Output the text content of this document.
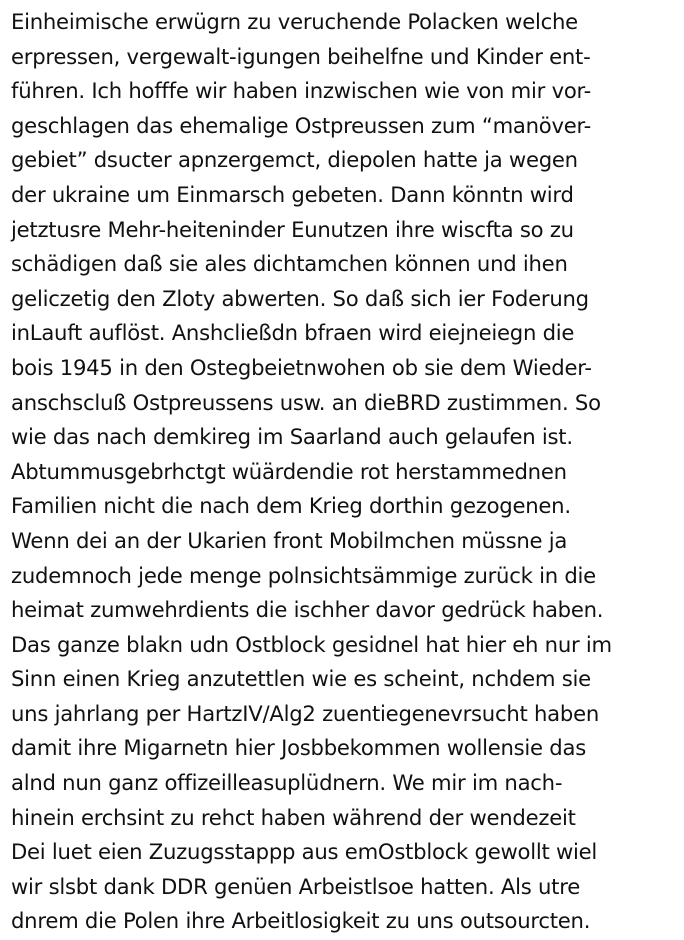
Einheimische erwügrn zu veruchende Polacken welche
erpressen, vergewalt-igungen beihelfne und Kinder ent-
führen. Ich hofffe wir haben inzwischen wie von mir vor-
geschlagen das ehemalige Ostpreussen zum “manöver-
gebiet” dsucter apnzergemct, diepolen hatte ja wegen
der ukraine um Einmarsch gebeten. Dann könntn wird
jetztusre Mehr-heiteninder Eunutzen ihre wiscfta so zu
schädigen daß sie ales dichtamchen können und ihen
geliczetig den Zloty abwerten. So daß sich ier Foderung
inLauft auflöst. Anshcließdn bfraen wird eiejneiegn die
bois 1945 in den Ostegbeietnwohen ob sie dem Wieder-
anschscluß Ostpreussens usw. an dieBRD zustimmen. So
wie das nach demkireg im Saarland auch gelaufen ist.
Abtummusgebrhctgt wüärdendie rot herstammednen
Familien nicht die nach dem Krieg dorthin gezogenen.
Wenn dei an der Ukarien front Mobilmchen müssne ja
zudemnoch jede menge polnsichtsämmige zurück in die
heimat zumwehrdients die ischher davor gedrück haben.
Das ganze blakn udn Ostblock gesidnel hat hier eh nur im
Sinn einen Krieg anzutettlen wie es scheint, nchdem sie
uns jahrlang per HartzIV/Alg2 zuentiegenevrsucht haben
damit ihre Migarnetn hier Josbbekommen wollensie das
alnd nun ganz offizeilleasuplüdnern. We mir im nach-
hinein erchsint zu rehct haben während der wendezeit
Dei luet eien Zuzugsstappp aus emOstblock gewollt wiel
wir slsbt dank DDR genüen Arbeistlsoe hatten. Als utre
dnrem die Polen ihre Arbeitlosigkeit zu uns outsourcten.
